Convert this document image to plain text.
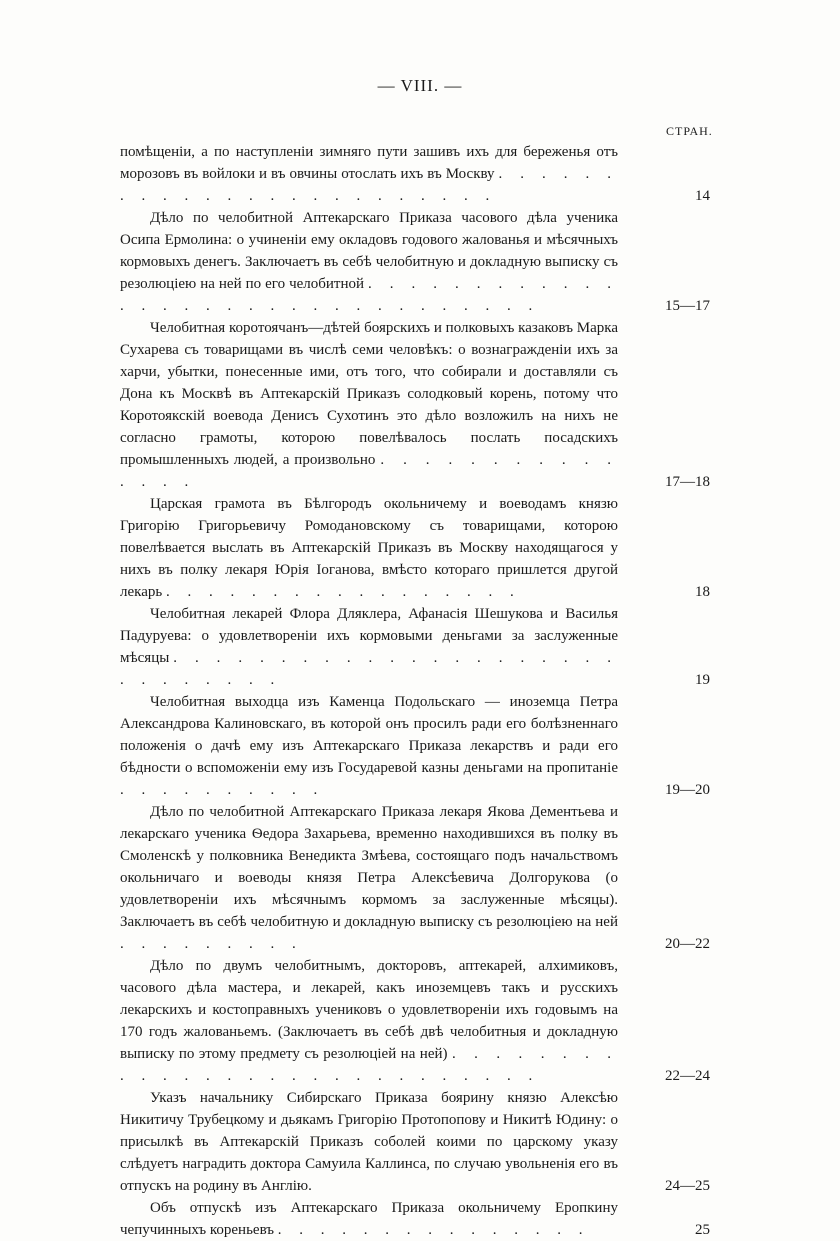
— VIII. —
СТРАН.
помѣщеніи, а по наступленіи зимняго пути зашивъ ихъ для береженья отъ морозовъ въ войлоки и въ овчины отослать ихъ въ Москву . . . . . . . . . . . . . . . . . . . . . . . .	14
Дѣло по челобитной Аптекарскаго Приказа часового дѣла ученика Осипа Ермолина: о учиненіи ему окладовъ годового жалованья и мѣсячныхъ кормовыхъ денегъ. Заключаетъ въ себѣ челобитную и докладную выписку съ резолюціею на ней по его челобитной . . . . . . . . . . . . . . . . . . . . . . . . . . . . . . . .	15—17
Челобитная коротоячанъ—дѣтей боярскихъ и полковыхъ казаковъ Марка Сухарева съ товарищами въ числѣ семи человѣкъ: о вознагражденіи ихъ за харчи, убытки, понесенные ими, отъ того, что собирали и доставляли съ Дона къ Москвѣ въ Аптекарскій Приказъ солодковый корень, потому что Коротоякскій воевода Денисъ Сухотинъ это дѣло возложилъ на нихъ не согласно грамоты, которою повелѣвалось послать посадскихъ промышленныхъ людей, а произвольно . . . . . . . . . . . . . . .	17—18
Царская грамота въ Бѣлгородъ окольничему и воеводамъ князю Григорію Григорьевичу Ромодановскому съ товарищами, которою повелѣвается выслать въ Аптекарскій Приказъ въ Москву находящагося у нихъ въ полку лекаря Юрія Іоганова, вмѣсто котораго пришлется другой лекарь . . . . . . . . . . . . . . . . .	18
Челобитная лекарей Флора Дляклера, Афанасія Шешукова и Василья Падуруева: о удовлетвореніи ихъ кормовыми деньгами за заслуженные мѣсяцы . . . . . . . . . . . . . . . . . . . . . . . . . . . . .	19
Челобитная выходца изъ Каменца Подольскаго — иноземца Петра Александрова Калиновскаго, въ которой онъ просилъ ради его болѣзненнаго положенія о дачѣ ему изъ Аптекарскаго Приказа лекарствъ и ради его бѣдности о вспоможеніи ему изъ Государевой казны деньгами на пропитаніе . . . . . . . . . .	19—20
Дѣло по челобитной Аптекарскаго Приказа лекаря Якова Дементьева и лекарскаго ученика Ѳедора Захарьева, временно находившихся въ полку въ Смоленскѣ у полковника Венедикта Змѣева, состоящаго подъ начальствомъ окольничаго и воеводы князя Петра Алексѣевича Долгорукова (о удовлетвореніи ихъ мѣсячнымъ кормомъ за заслуженные мѣсяцы). Заключаетъ въ себѣ челобитную и докладную выписку съ резолюціею на ней . . . . . . . . .	20—22
Дѣло по двумъ челобитнымъ, докторовъ, аптекарей, алхимиковъ, часового дѣла мастера, и лекарей, какъ иноземцевъ такъ и русскихъ лекарскихъ и костоправныхъ учениковъ о удовлетвореніи ихъ годовымъ на 170 годъ жалованьемъ. (Заключаетъ въ себѣ двѣ челобитныя и докладную выписку по этому предмету съ резолюціей на ней) . . . . . . . . . . . . . . . . . . . . . . . . . . . .	22—24
Указъ начальнику Сибирскаго Приказа боярину князю Алексѣю Никитичу Трубецкому и дьякамъ Григорію Протопопову и Никитѣ Юдину: о присылкѣ въ Аптекарскій Приказъ соболей коими по царскому указу слѣдуетъ наградить доктора Самуила Каллинса, по случаю увольненія его въ отпускъ на родину въ Англію.	24—25
Объ отпускѣ изъ Аптекарскаго Приказа окольничему Еропкину чепучинныхъ кореньевъ . . . . . . . . . . . . . . .	25
